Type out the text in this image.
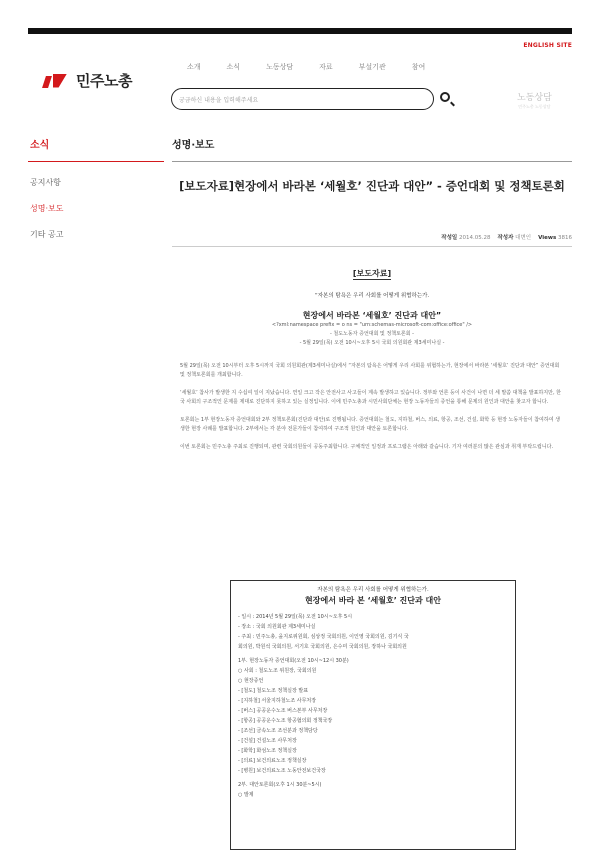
ENGLISH SITE
민주노총
소개	소식	노동상담	자료	부설기관	참여
궁금하신 내용을 입력해주세요	노동상담
민주노총 노동상담
소식
공지사항
성명·보도
기타 공고
성명·보도
[보도자료]현장에서 바라본 ‘세월호’ 진단과 대안” - 증언대회 및 정책토론회
작성일 2014.05.28 작성자 대변인 Views 3816
[보도자료]
“자본의 탐욕은 우리 사회를 어떻게 위협하는가.
현장에서 바라본 ‘세월호’ 진단과 대안”
<?xml:namespace prefix = o ns = "urn:schemas-microsoft-com:office:office" />
- 철도노동자 증언대회 및 정책토론회 -
- 5월 29일(목) 오전 10시~오후 5시 국회 의원회관 제3세미나실 -
5월 29일(목) 오전 10시부터 오후 5시까지 국회 의원회관(제3세미나실)에서 “자본의 탐욕은 어떻게 우리 사회를 위협하는가, 현장에서 바라본 ‘세월호’ 진단과 대안” 증언대회 및 정책토론회를 개최합니다.
‘세월호’ 참사가 발생한 지 수십여 일이 지났습니다. 연일 크고 작은 안전사고 사고들이 계속 발생하고 있습니다. 정부와 언론 등이 사건이 나면 더 세 말씀 대책을 발표하지만, 한국 사회의 구조적인 문제를 제대로 진단하지 못하고 있는 실정입니다. 이에 민주노총과 시민사회단체는 현장 노동자들의 증언을 통해 문제의 원인과 대안을 찾고자 합니다.
토론회는 1부 현장노동자 증언대회와 2부 정책토론회(진단과 대안)로 진행됩니다. 증언대회는 철도, 지하철, 버스, 의료, 항공, 조선, 건설, 화학 등 현장 노동자들이 참여하여 생생한 현장 사례를 발표합니다. 2부에서는 각 분야 전문가들이 참여하여 구조적 원인과 대안을 토론합니다.
이번 토론회는 민주노총 주최로 진행되며, 관련 국회의원들이 공동주최합니다. 구체적인 일정과 프로그램은 아래와 같습니다. 기자 여러분의 많은 관심과 취재 부탁드립니다.
자본의 탐욕은 우리 사회를 어떻게 위협하는가.
현장에서 바라 본 ‘세월호’ 진단과 대안
- 일시 : 2014년 5월 29일(목) 오전 10시~오후 5시
- 장소 : 국회 의원회관 제3세미나실
- 주최 : 민주노총, 을지로위원회, 심상정 국회의원, 이인영 국회의원, 김기식 국
회의원, 박원석 국회의원, 서기호 국회의원, 은수미 국회의원, 장하나 국회의원
1부. 현장노동자 증언대회(오전 10시~12시 30분)
○ 사회 : 철도노조 위원장, 국회의원
○ 현장증언
- [철도] 철도노조 정책실장 발표
- [지하철] 서울지하철노조 사무처장
- [버스] 공공운수노조 버스본부 사무처장
- [항공] 공공운수노조 항공협의회 정책국장
- [조선] 금속노조 조선분과 정책담당
- [건설] 건설노조 사무처장
- [화학] 화섬노조 정책실장
- [의료] 보건의료노조 정책실장
- [병원] 보건의료노조 노동안전보건국장
2부. 대안토론회(오후 1시 30분~5시)
○ 발제
